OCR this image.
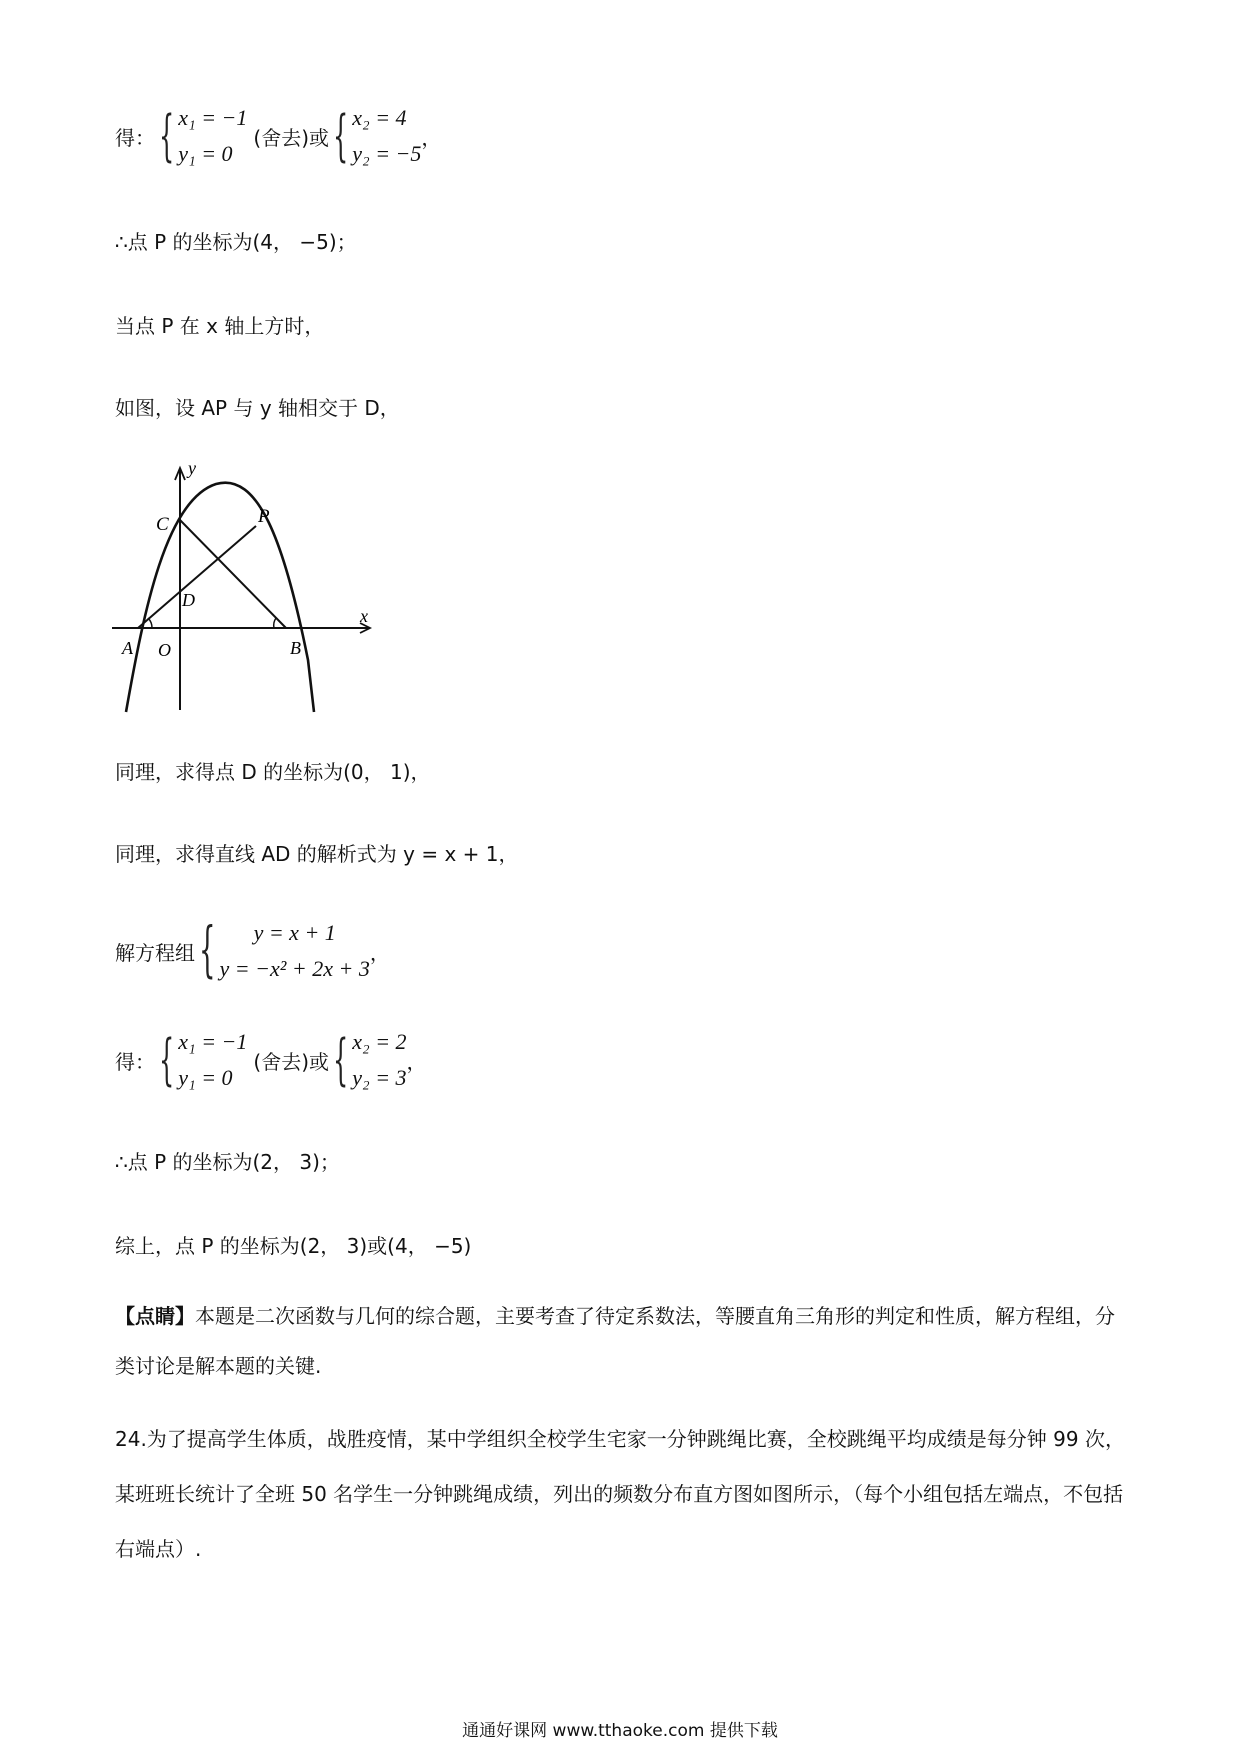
得： { x₁ = −1
y₁ = 0
(舍去)或 { x₂ = 4
y₂ = −5
，
∴点 P 的坐标为(4， −5)；
当点 P 在 x 轴上方时，
如图，设 AP 与 y 轴相交于 D，
y
x
C	P
D
A O	B
同理，求得点 D 的坐标为(0， 1)，
同理，求得直线 AD 的解析式为 y = x + 1，
解方程组 { y = x + 1
y = −x² + 2x + 3
，
得： { x₁ = −1
y₁ = 0
(舍去)或 { x₂ = 2
y₂ = 3
，
∴点 P 的坐标为(2， 3)；
综上，点 P 的坐标为(2， 3)或(4， −5)
【点睛】本题是二次函数与几何的综合题，主要考查了待定系数法，等腰直角三角形的判定和性质，解方程组，分类讨论是解本题的关键.
24.为了提高学生体质，战胜疫情，某中学组织全校学生宅家一分钟跳绳比赛，全校跳绳平均成绩是每分钟 99 次，某班班长统计了全班 50 名学生一分钟跳绳成绩，列出的频数分布直方图如图所示，（每个小组包括左端点，不包括右端点）.
通通好课网 www.tthaoke.com 提供下载
